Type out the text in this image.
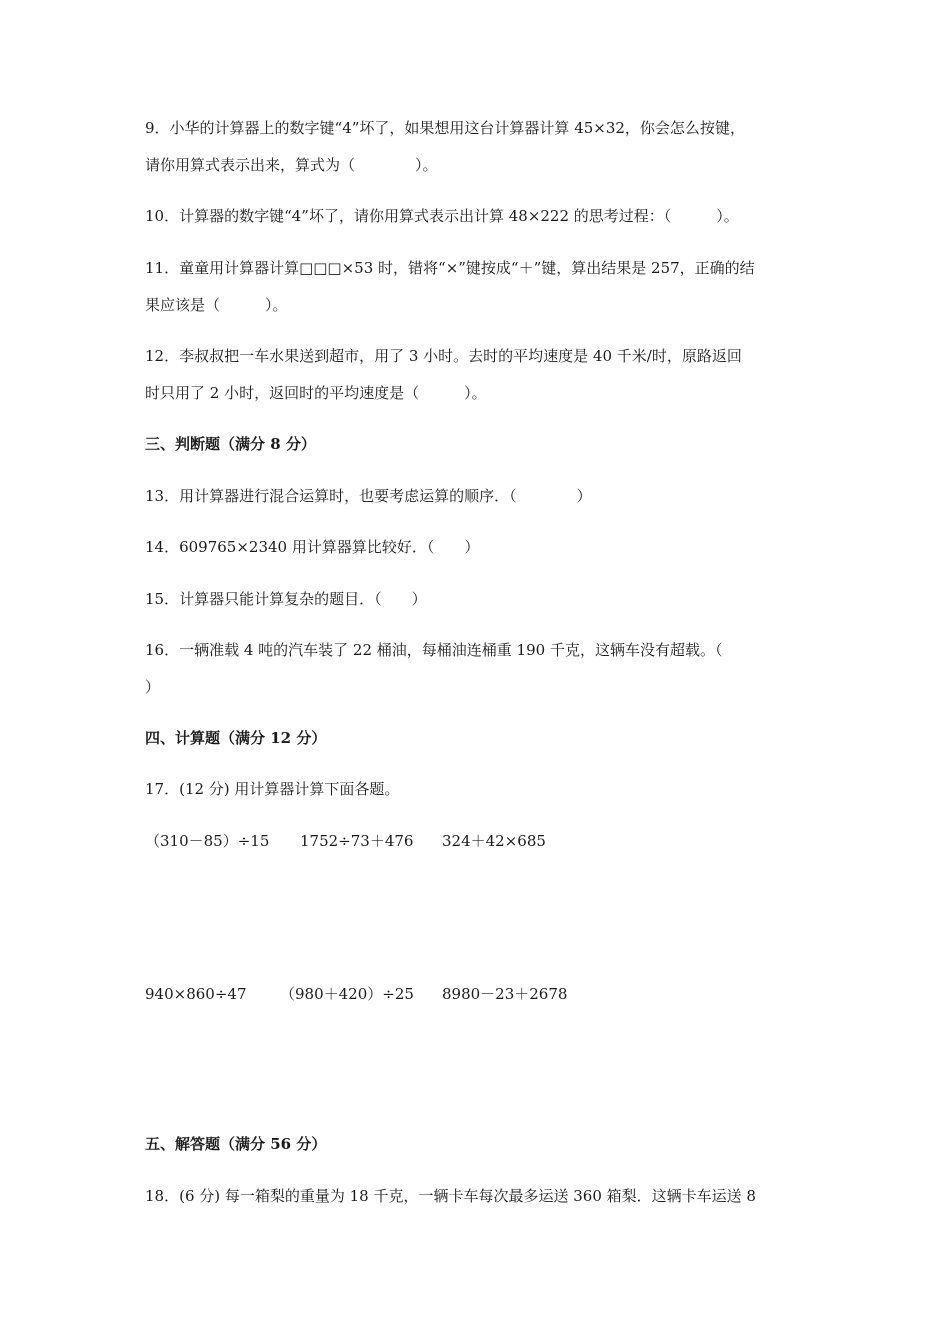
9．小华的计算器上的数字键“4”坏了，如果想用这台计算器计算 45×32，你会怎么按键，
请你用算式表示出来，算式为（　　　　）。
10．计算器的数字键“4”坏了，请你用算式表示出计算 48×222 的思考过程：（　　　）。
11．童童用计算器计算□□□×53 时，错将“×”键按成“＋”键，算出结果是 257，正确的结
果应该是（　　　）。
12．李叔叔把一车水果送到超市，用了 3 小时。去时的平均速度是 40 千米/时，原路返回
时只用了 2 小时，返回时的平均速度是（　　　）。
三、判断题（满分 8 分）
13．用计算器进行混合运算时，也要考虑运算的顺序．（　　　　）
14．609765×2340 用计算器算比较好．（　　）
15．计算器只能计算复杂的题目．（　　）
16．一辆准载 4 吨的汽车装了 22 桶油，每桶油连桶重 190 千克，这辆车没有超载。（
）
四、计算题（满分 12 分）
17．(12 分) 用计算器计算下面各题。
（310－85）÷15 1752÷73＋476 324＋42×685
940×860÷47 （980＋420）÷25 8980－23＋2678
五、解答题（满分 56 分）
18．(6 分) 每一箱梨的重量为 18 千克，一辆卡车每次最多运送 360 箱梨．这辆卡车运送 8
